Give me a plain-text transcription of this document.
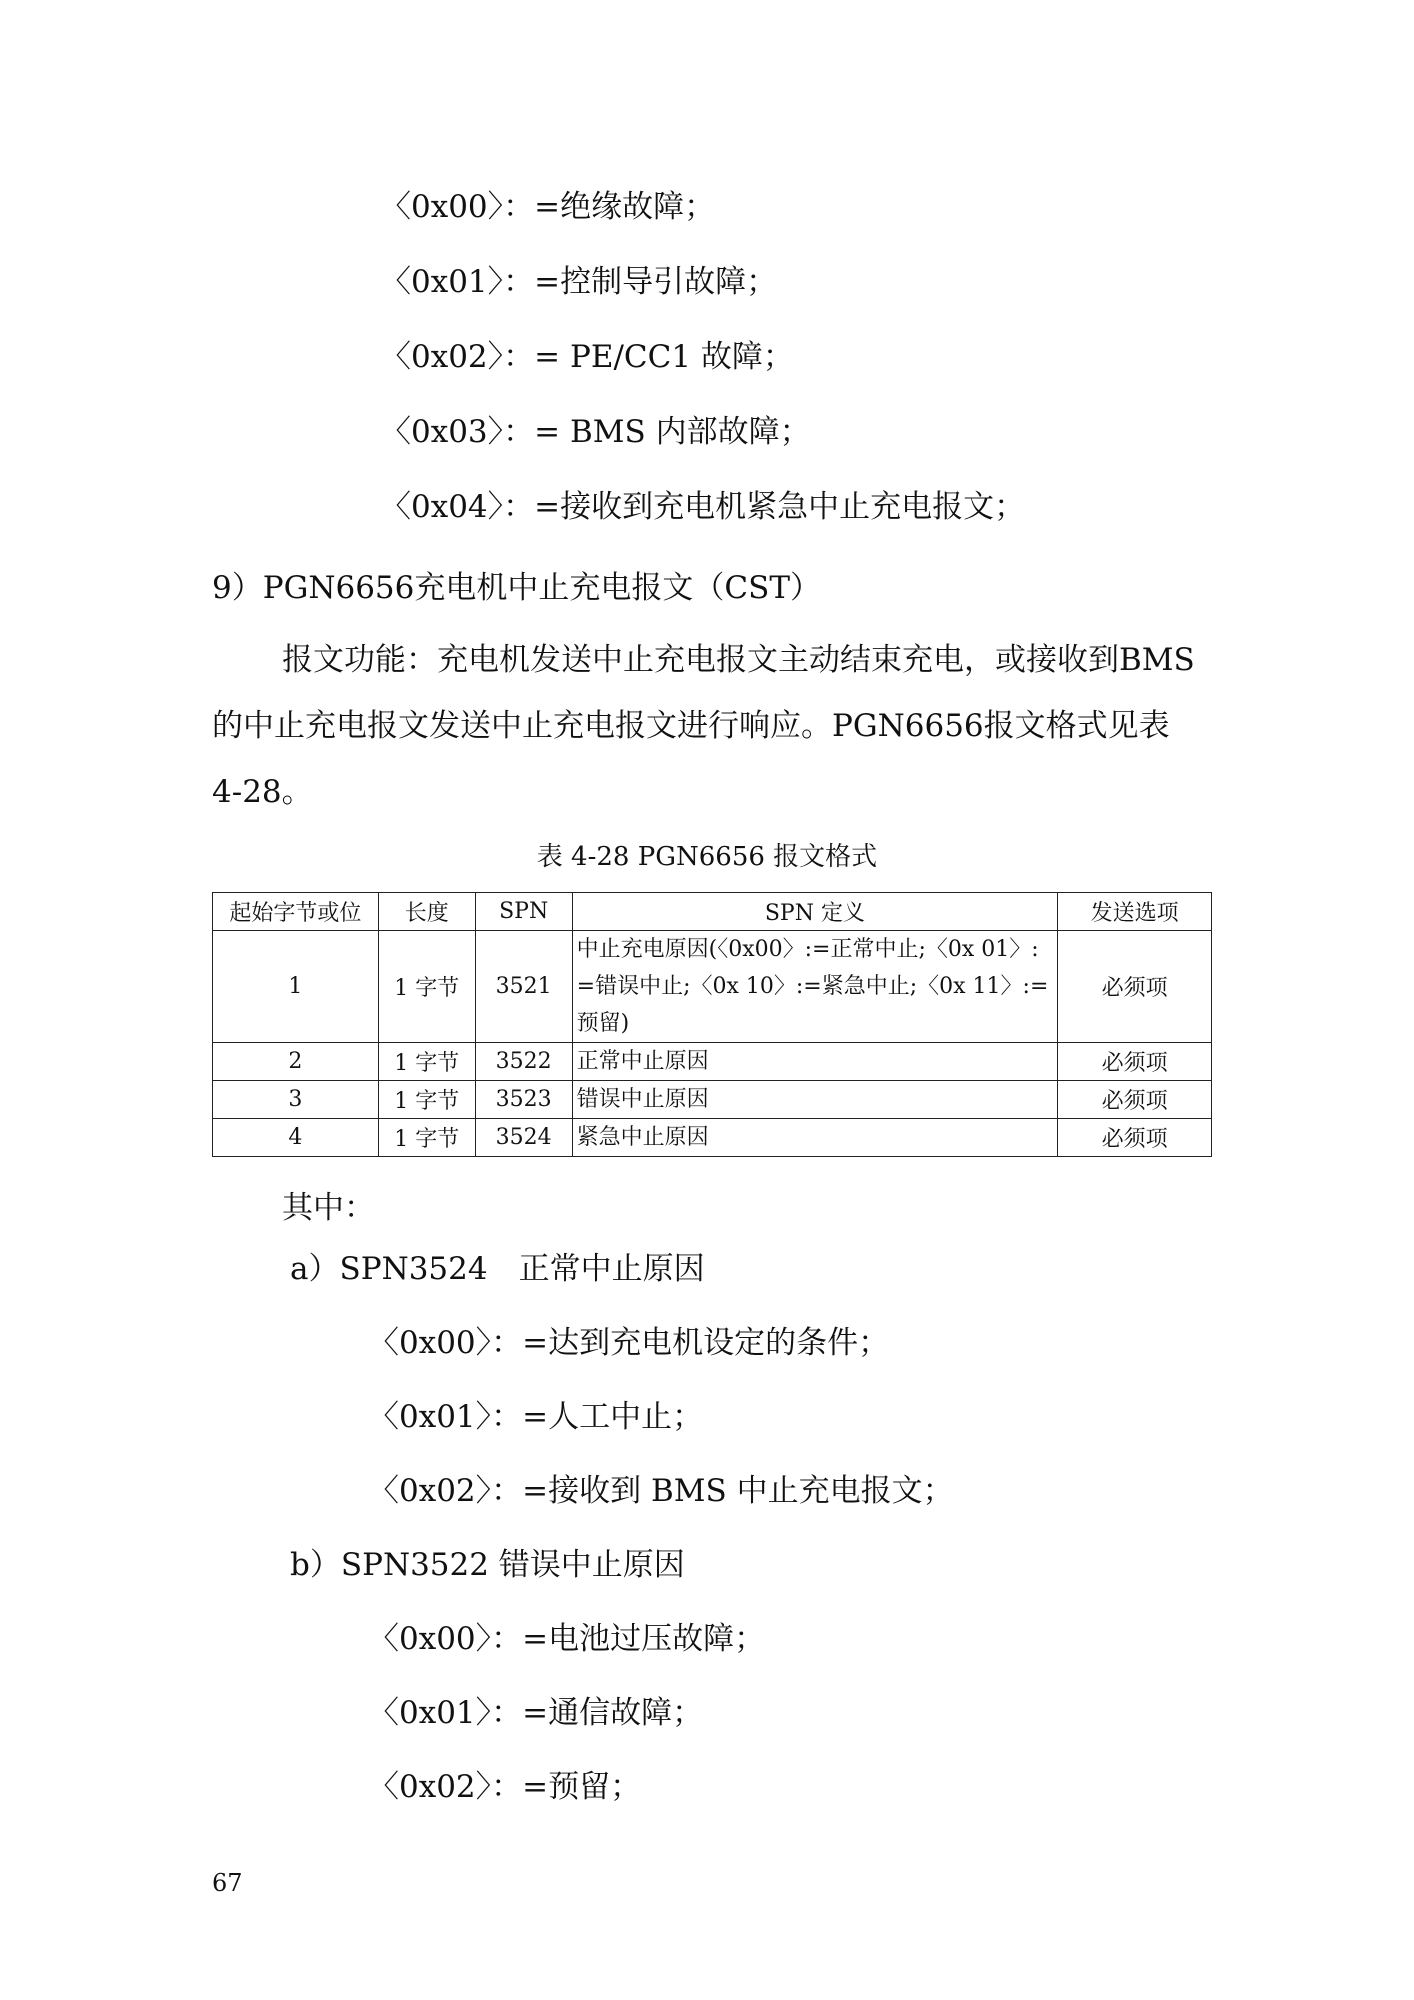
〈0x00〉：=绝缘故障；
〈0x01〉：=控制导引故障；
〈0x02〉：= PE/CC1 故障；
〈0x03〉：= BMS 内部故障；
〈0x04〉：=接收到充电机紧急中止充电报文；
9）PGN6656充电机中止充电报文（CST）
报文功能：充电机发送中止充电报文主动结束充电，或接收到BMS
的中止充电报文发送中止充电报文进行响应。PGN6656报文格式见表
4-28。
表 4-28 PGN6656 报文格式
起始字节或位	长度	SPN	SPN 定义	发送选项
1	1 字节	3521	中止充电原因(〈0x00〉:=正常中止;〈0x 01〉:
=错误中止;〈0x 10〉:=紧急中止;〈0x 11〉:=
预留)	必须项
2	1 字节	3522	正常中止原因	必须项
3	1 字节	3523	错误中止原因	必须项
4	1 字节	3524	紧急中止原因	必须项
其中：
a）SPN3524　正常中止原因
〈0x00〉：=达到充电机设定的条件；
〈0x01〉：=人工中止；
〈0x02〉：=接收到 BMS 中止充电报文；
b）SPN3522 错误中止原因
〈0x00〉：=电池过压故障；
〈0x01〉：=通信故障；
〈0x02〉：=预留；
67
